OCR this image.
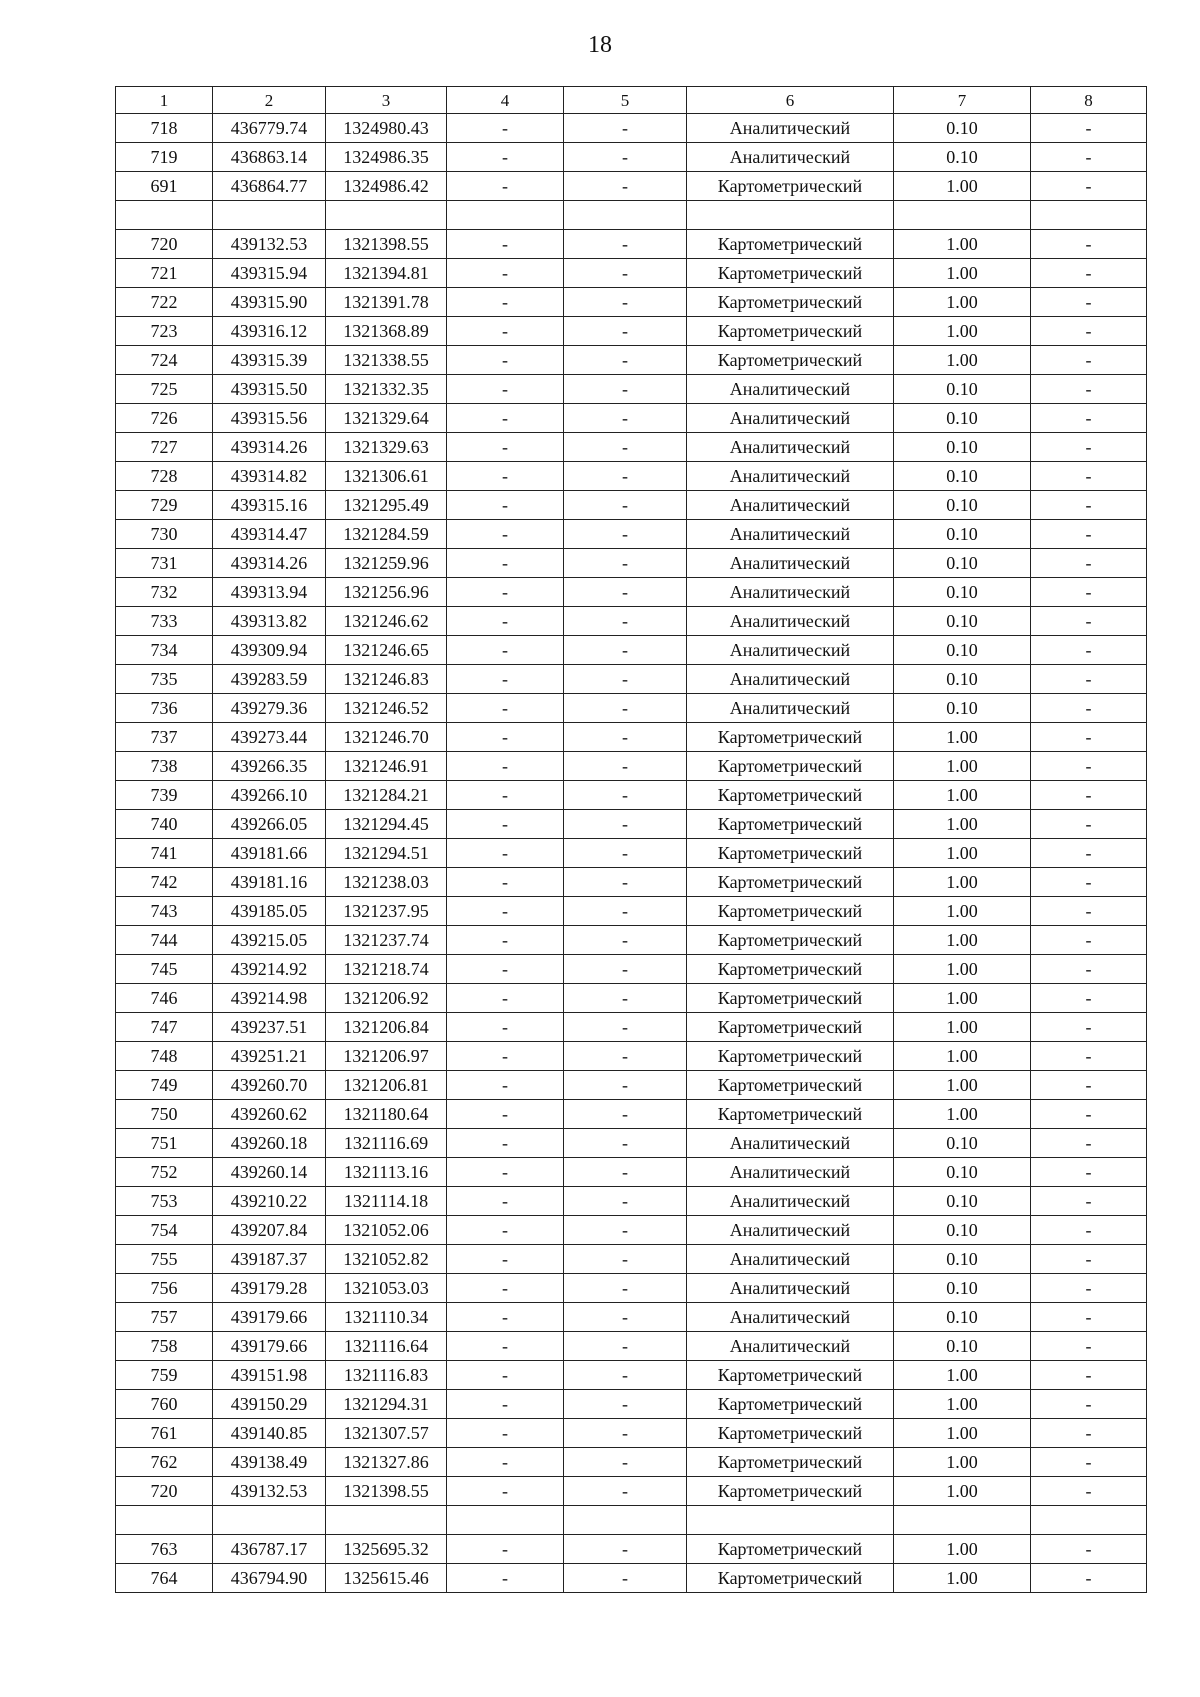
18
1	2	3	4	5	6	7	8
718	436779.74	1324980.43	-	-	Аналитический	0.10	-
719	436863.14	1324986.35	-	-	Аналитический	0.10	-
691	436864.77	1324986.42	-	-	Картометрический	1.00	-

720	439132.53	1321398.55	-	-	Картометрический	1.00	-
721	439315.94	1321394.81	-	-	Картометрический	1.00	-
722	439315.90	1321391.78	-	-	Картометрический	1.00	-
723	439316.12	1321368.89	-	-	Картометрический	1.00	-
724	439315.39	1321338.55	-	-	Картометрический	1.00	-
725	439315.50	1321332.35	-	-	Аналитический	0.10	-
726	439315.56	1321329.64	-	-	Аналитический	0.10	-
727	439314.26	1321329.63	-	-	Аналитический	0.10	-
728	439314.82	1321306.61	-	-	Аналитический	0.10	-
729	439315.16	1321295.49	-	-	Аналитический	0.10	-
730	439314.47	1321284.59	-	-	Аналитический	0.10	-
731	439314.26	1321259.96	-	-	Аналитический	0.10	-
732	439313.94	1321256.96	-	-	Аналитический	0.10	-
733	439313.82	1321246.62	-	-	Аналитический	0.10	-
734	439309.94	1321246.65	-	-	Аналитический	0.10	-
735	439283.59	1321246.83	-	-	Аналитический	0.10	-
736	439279.36	1321246.52	-	-	Аналитический	0.10	-
737	439273.44	1321246.70	-	-	Картометрический	1.00	-
738	439266.35	1321246.91	-	-	Картометрический	1.00	-
739	439266.10	1321284.21	-	-	Картометрический	1.00	-
740	439266.05	1321294.45	-	-	Картометрический	1.00	-
741	439181.66	1321294.51	-	-	Картометрический	1.00	-
742	439181.16	1321238.03	-	-	Картометрический	1.00	-
743	439185.05	1321237.95	-	-	Картометрический	1.00	-
744	439215.05	1321237.74	-	-	Картометрический	1.00	-
745	439214.92	1321218.74	-	-	Картометрический	1.00	-
746	439214.98	1321206.92	-	-	Картометрический	1.00	-
747	439237.51	1321206.84	-	-	Картометрический	1.00	-
748	439251.21	1321206.97	-	-	Картометрический	1.00	-
749	439260.70	1321206.81	-	-	Картометрический	1.00	-
750	439260.62	1321180.64	-	-	Картометрический	1.00	-
751	439260.18	1321116.69	-	-	Аналитический	0.10	-
752	439260.14	1321113.16	-	-	Аналитический	0.10	-
753	439210.22	1321114.18	-	-	Аналитический	0.10	-
754	439207.84	1321052.06	-	-	Аналитический	0.10	-
755	439187.37	1321052.82	-	-	Аналитический	0.10	-
756	439179.28	1321053.03	-	-	Аналитический	0.10	-
757	439179.66	1321110.34	-	-	Аналитический	0.10	-
758	439179.66	1321116.64	-	-	Аналитический	0.10	-
759	439151.98	1321116.83	-	-	Картометрический	1.00	-
760	439150.29	1321294.31	-	-	Картометрический	1.00	-
761	439140.85	1321307.57	-	-	Картометрический	1.00	-
762	439138.49	1321327.86	-	-	Картометрический	1.00	-
720	439132.53	1321398.55	-	-	Картометрический	1.00	-

763	436787.17	1325695.32	-	-	Картометрический	1.00	-
764	436794.90	1325615.46	-	-	Картометрический	1.00	-
